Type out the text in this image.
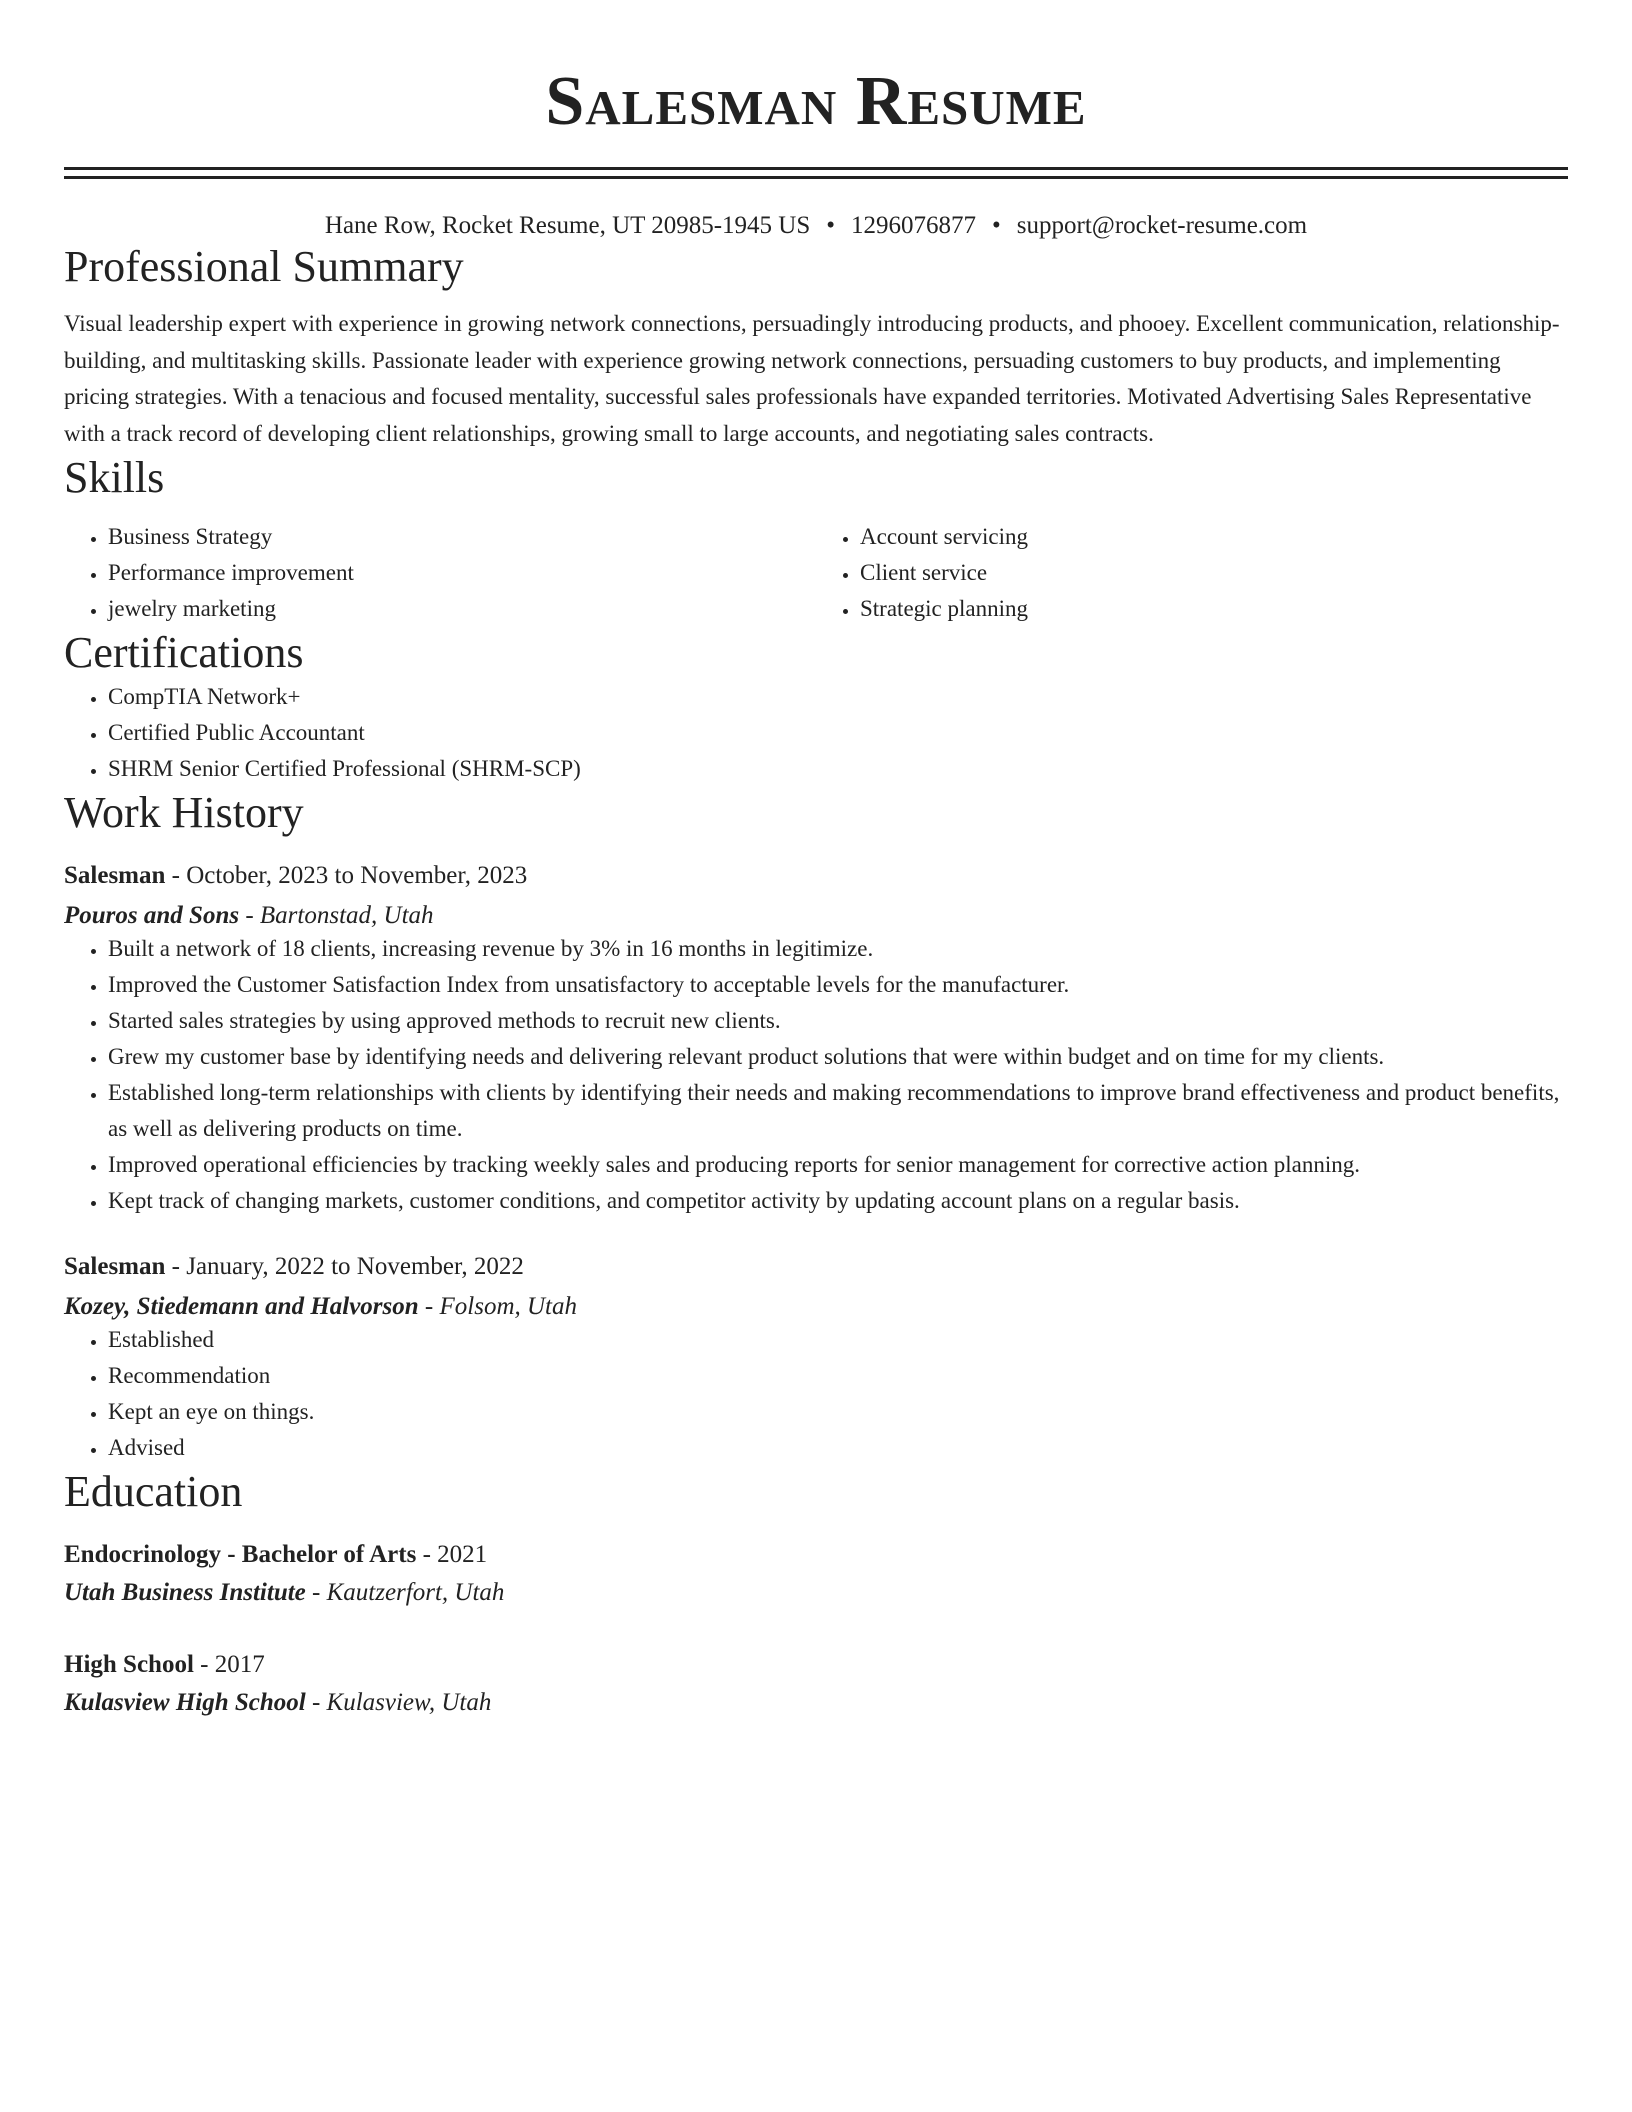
Salesman Resume
Hane Row, Rocket Resume, UT 20985-1945 US • 1296076877 • support@rocket-resume.com
Professional Summary
Visual leadership expert with experience in growing network connections, persuadingly introducing products, and phooey. Excellent communication, relationship-building, and multitasking skills. Passionate leader with experience growing network connections, persuading customers to buy products, and implementing pricing strategies. With a tenacious and focused mentality, successful sales professionals have expanded territories. Motivated Advertising Sales Representative with a track record of developing client relationships, growing small to large accounts, and negotiating sales contracts.
Skills
• Business Strategy
• Performance improvement
• jewelry marketing
• Account servicing
• Client service
• Strategic planning
Certifications
• CompTIA Network+
• Certified Public Accountant
• SHRM Senior Certified Professional (SHRM-SCP)
Work History
Salesman - October, 2023 to November, 2023
Pouros and Sons - Bartonstad, Utah
• Built a network of 18 clients, increasing revenue by 3% in 16 months in legitimize.
• Improved the Customer Satisfaction Index from unsatisfactory to acceptable levels for the manufacturer.
• Started sales strategies by using approved methods to recruit new clients.
• Grew my customer base by identifying needs and delivering relevant product solutions that were within budget and on time for my clients.
• Established long-term relationships with clients by identifying their needs and making recommendations to improve brand effectiveness and product benefits, as well as delivering products on time.
• Improved operational efficiencies by tracking weekly sales and producing reports for senior management for corrective action planning.
• Kept track of changing markets, customer conditions, and competitor activity by updating account plans on a regular basis.
Salesman - January, 2022 to November, 2022
Kozey, Stiedemann and Halvorson - Folsom, Utah
• Established
• Recommendation
• Kept an eye on things.
• Advised
Education
Endocrinology - Bachelor of Arts - 2021
Utah Business Institute - Kautzerfort, Utah
High School - 2017
Kulasview High School - Kulasview, Utah
